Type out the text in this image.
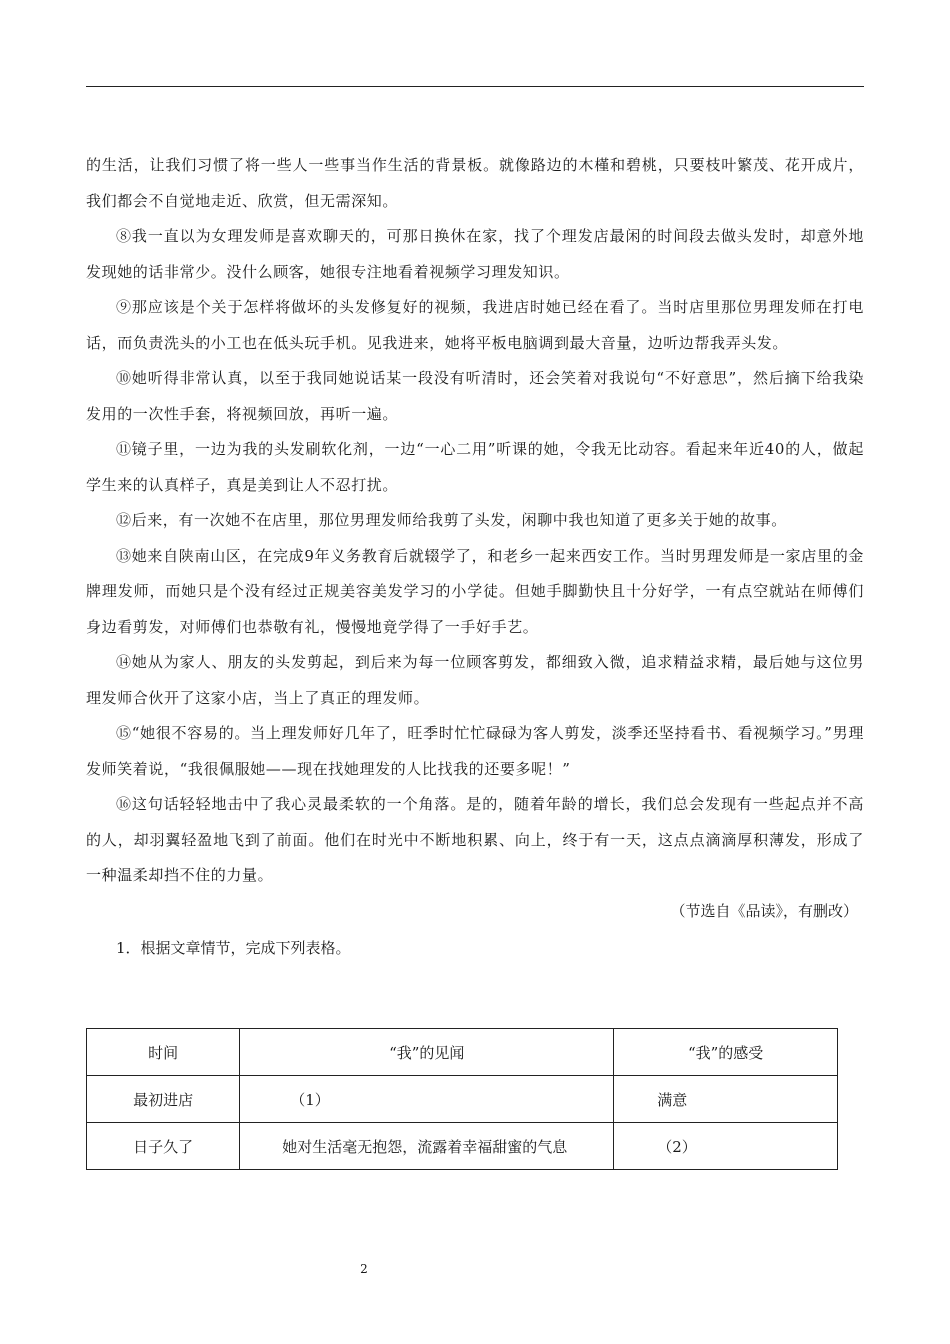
的生活，让我们习惯了将一些人一些事当作生活的背景板。就像路边的木槿和碧桃，只要枝叶繁茂、花开成片，我们都会不自觉地走近、欣赏，但无需深知。

⑧我一直以为女理发师是喜欢聊天的，可那日换休在家，找了个理发店最闲的时间段去做头发时，却意外地发现她的话非常少。没什么顾客，她很专注地看着视频学习理发知识。

⑨那应该是个关于怎样将做坏的头发修复好的视频，我进店时她已经在看了。当时店里那位男理发师在打电话，而负责洗头的小工也在低头玩手机。见我进来，她将平板电脑调到最大音量，边听边帮我弄头发。

⑩她听得非常认真，以至于我同她说话某一段没有听清时，还会笑着对我说句“不好意思”，然后摘下给我染发用的一次性手套，将视频回放，再听一遍。

⑪镜子里，一边为我的头发刷软化剂，一边“一心二用”听课的她，令我无比动容。看起来年近40的人，做起学生来的认真样子，真是美到让人不忍打扰。

⑫后来，有一次她不在店里，那位男理发师给我剪了头发，闲聊中我也知道了更多关于她的故事。

⑬她来自陕南山区，在完成9年义务教育后就辍学了，和老乡一起来西安工作。当时男理发师是一家店里的金牌理发师，而她只是个没有经过正规美容美发学习的小学徒。但她手脚勤快且十分好学，一有点空就站在师傅们身边看剪发，对师傅们也恭敬有礼，慢慢地竟学得了一手好手艺。

⑭她从为家人、朋友的头发剪起，到后来为每一位顾客剪发，都细致入微，追求精益求精，最后她与这位男理发师合伙开了这家小店，当上了真正的理发师。

⑮“她很不容易的。当上理发师好几年了，旺季时忙忙碌碌为客人剪发，淡季还坚持看书、看视频学习。”男理发师笑着说，“我很佩服她——现在找她理发的人比找我的还要多呢！”

⑯这句话轻轻地击中了我心灵最柔软的一个角落。是的，随着年龄的增长，我们总会发现有一些起点并不高的人，却羽翼轻盈地飞到了前面。他们在时光中不断地积累、向上，终于有一天，这点点滴滴厚积薄发，形成了一种温柔却挡不住的力量。

（节选自《品读》，有删改）

1．根据文章情节，完成下列表格。

时间	“我”的见闻	“我”的感受
最初进店	（1）	满意
日子久了	她对生活毫无抱怨，流露着幸福甜蜜的气息	（2）
2
